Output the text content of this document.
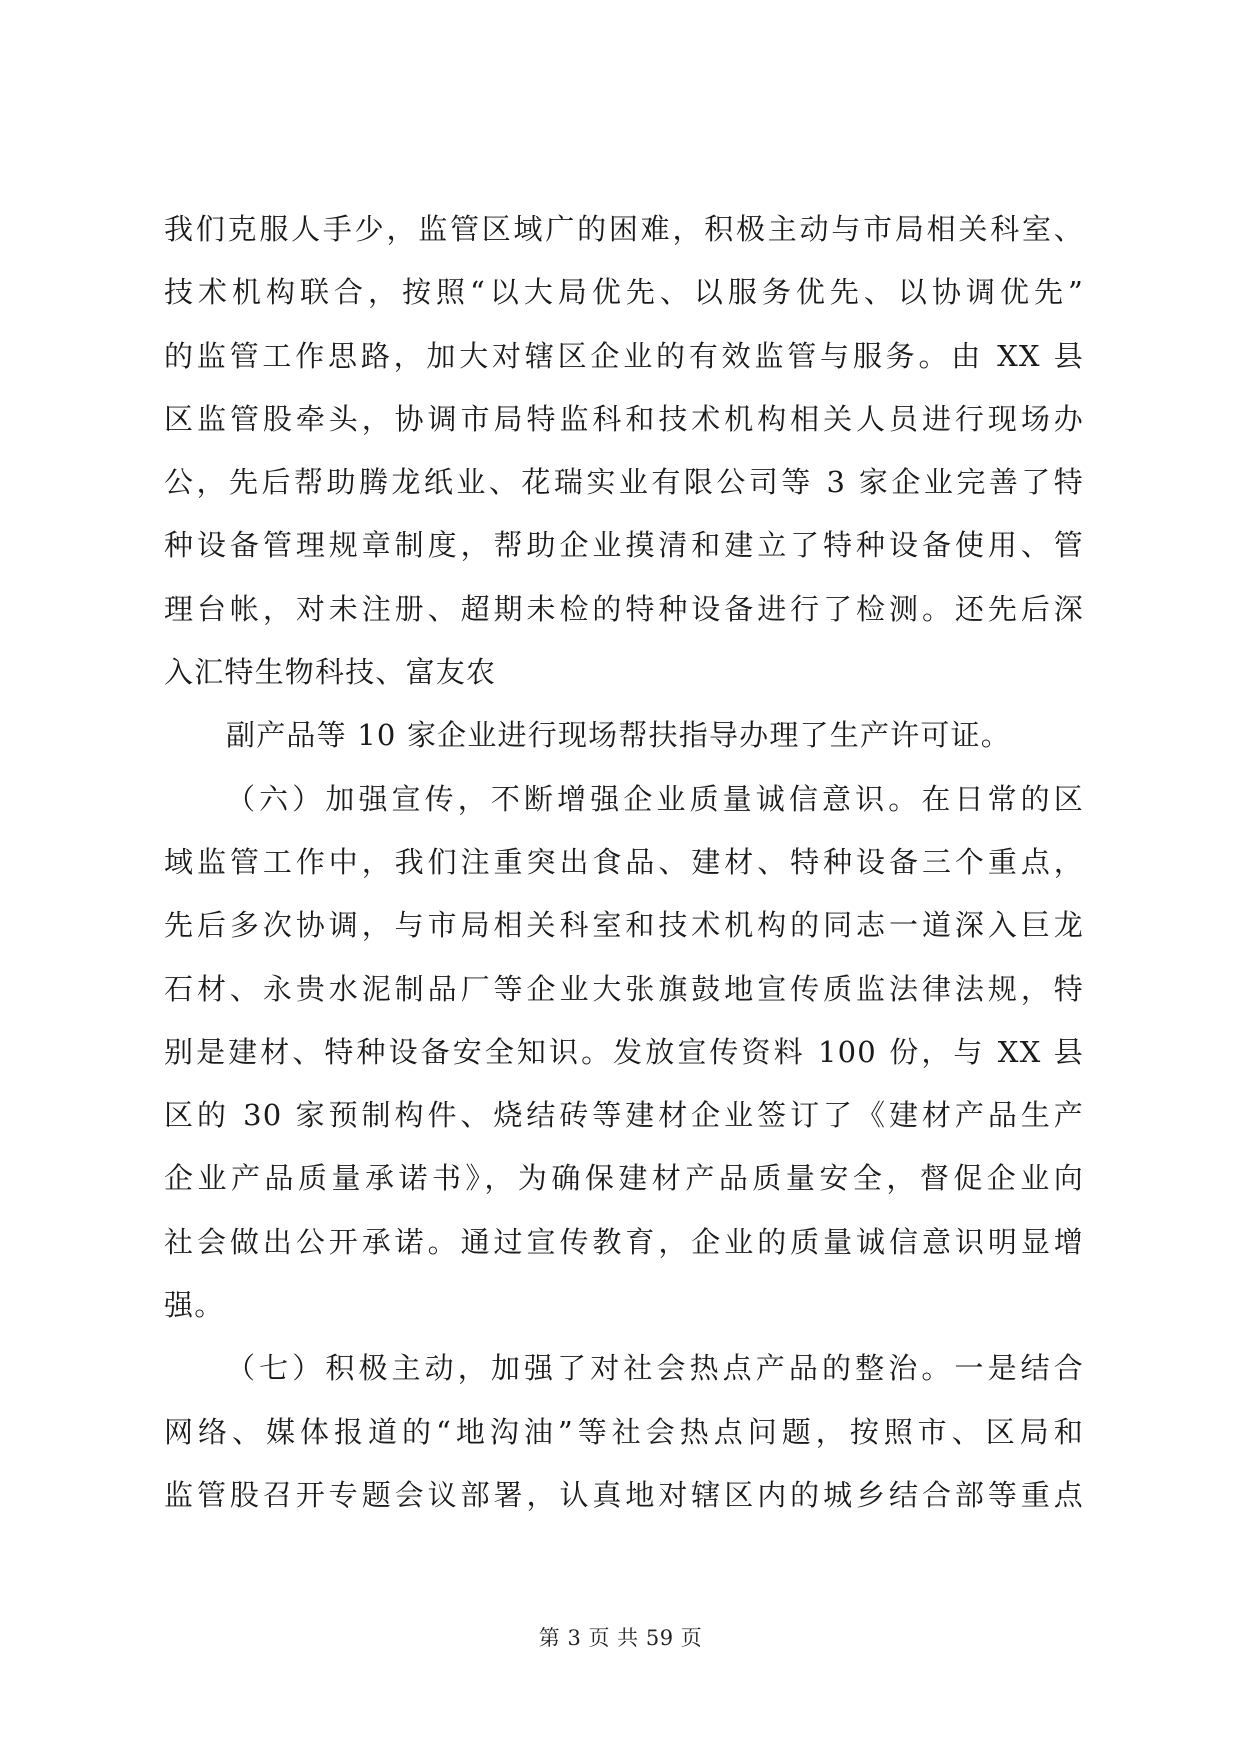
我们克服人手少，监管区域广的困难，积极主动与市局相关科室、
技术机构联合，按照“以大局优先、以服务优先、以协调优先”
的监管工作思路，加大对辖区企业的有效监管与服务。由 XX 县
区监管股牵头，协调市局特监科和技术机构相关人员进行现场办
公，先后帮助腾龙纸业、花瑞实业有限公司等 3 家企业完善了特
种设备管理规章制度，帮助企业摸清和建立了特种设备使用、管
理台帐，对未注册、超期未检的特种设备进行了检测。还先后深
入汇特生物科技、富友农
副产品等 10 家企业进行现场帮扶指导办理了生产许可证。
（六）加强宣传，不断增强企业质量诚信意识。在日常的区
域监管工作中，我们注重突出食品、建材、特种设备三个重点，
先后多次协调，与市局相关科室和技术机构的同志一道深入巨龙
石材、永贵水泥制品厂等企业大张旗鼓地宣传质监法律法规，特
别是建材、特种设备安全知识。发放宣传资料 100 份，与 XX 县
区的 30 家预制构件、烧结砖等建材企业签订了《建材产品生产
企业产品质量承诺书》，为确保建材产品质量安全，督促企业向
社会做出公开承诺。通过宣传教育，企业的质量诚信意识明显增
强。
（七）积极主动，加强了对社会热点产品的整治。一是结合
网络、媒体报道的“地沟油”等社会热点问题，按照市、区局和
监管股召开专题会议部署，认真地对辖区内的城乡结合部等重点
第 3 页 共 59 页
